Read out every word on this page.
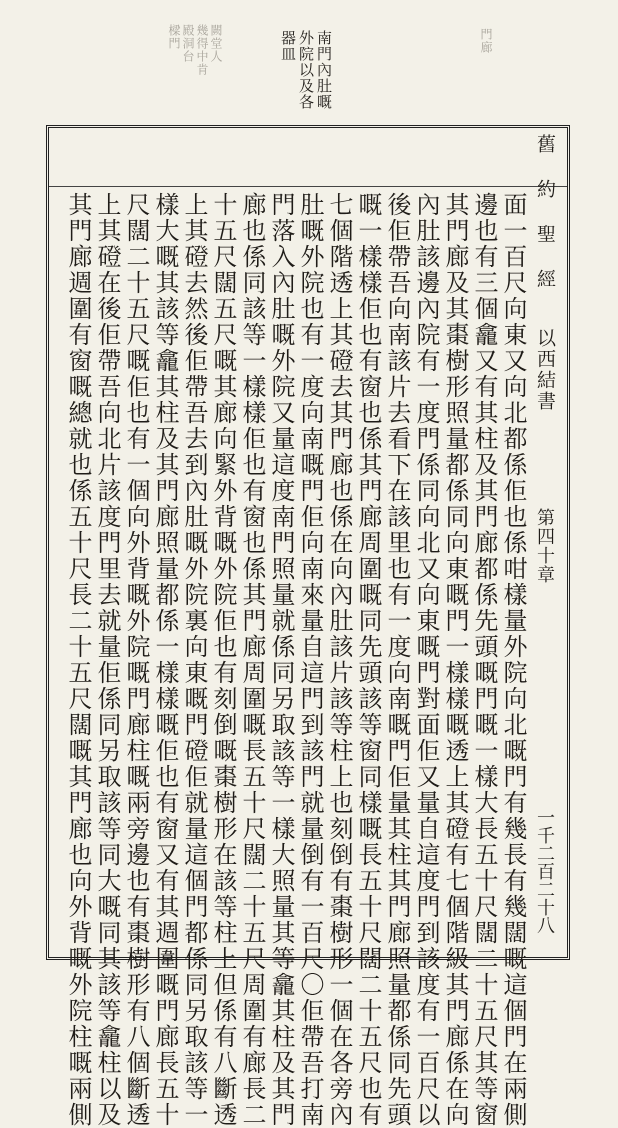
闕堂人
幾得中肯
殿洞台
樑門	門廊
南門內肚嘅
外院以及各
器皿
舊 約 聖 經
以西結書
第四十章
一千二百二十八
面一百尺向東又向北都係佢也係咁樣量外院向北嘅門有幾長有幾闊嘅這個門在兩側
邊也有三個龕又有其柱及其門廊都係先頭嘅門嘅一樣大長五十尺闊二十五尺其等窗
其門廊及其棗樹形照量都係同向東嘅門一樣樣嘅透上其磴有七個階級其門廊係在向
內肚該邊內院有一度門係同向北又向東嘅門對面佢又量自這度門到該度有一百尺以
後佢帶吾向南該片去看下在該里也有一度向南嘅門佢量其柱其門廊照量都係同先頭
嘅一樣樣佢也有窗也係其門廊周圍嘅同先頭該等窗同樣嘅長五十尺闊二十五尺也有
七個階透上其磴去其門廊也係在向內肚該片該等柱上也刻倒有棗樹形一個在各旁內
肚嘅外院也有一度向南嘅門佢向南來量自這門到該門就量倒有一百尺〇佢帶吾打南
門落入內肚嘅外院又量這度南門照量就係同另取該等一樣大照量其等龕其柱及其門
廊也係同該等一樣樣佢也有窗也係其門廊周圍嘅長五十尺闊二十五尺周圍有廊長二
十五尺闊五尺嘅其廊向緊外背嘅外院佢也有刻倒嘅棗樹形在該等柱上但係有八斷透
上其磴去然後佢帶吾去到內肚嘅外院裏向東嘅門磴佢就量這個門都係同另取該等一
樣大嘅其該等龕其柱及其門廊照量都係一樣樣嘅佢也有窗又有其週圍嘅門廊長五十
尺闊二十五尺嘅佢也有一個向外背嘅外院嘅門廊柱嘅兩旁邊也有棗樹形有八個斷透
上其磴在後佢帶吾向北片該度門里去就量佢係同另取該等同大嘅同其該等龕柱以及
其門廊週圍有窗嘅總就也係五十尺長二十五尺闊嘅其門廊也向外背嘅外院柱嘅兩側
